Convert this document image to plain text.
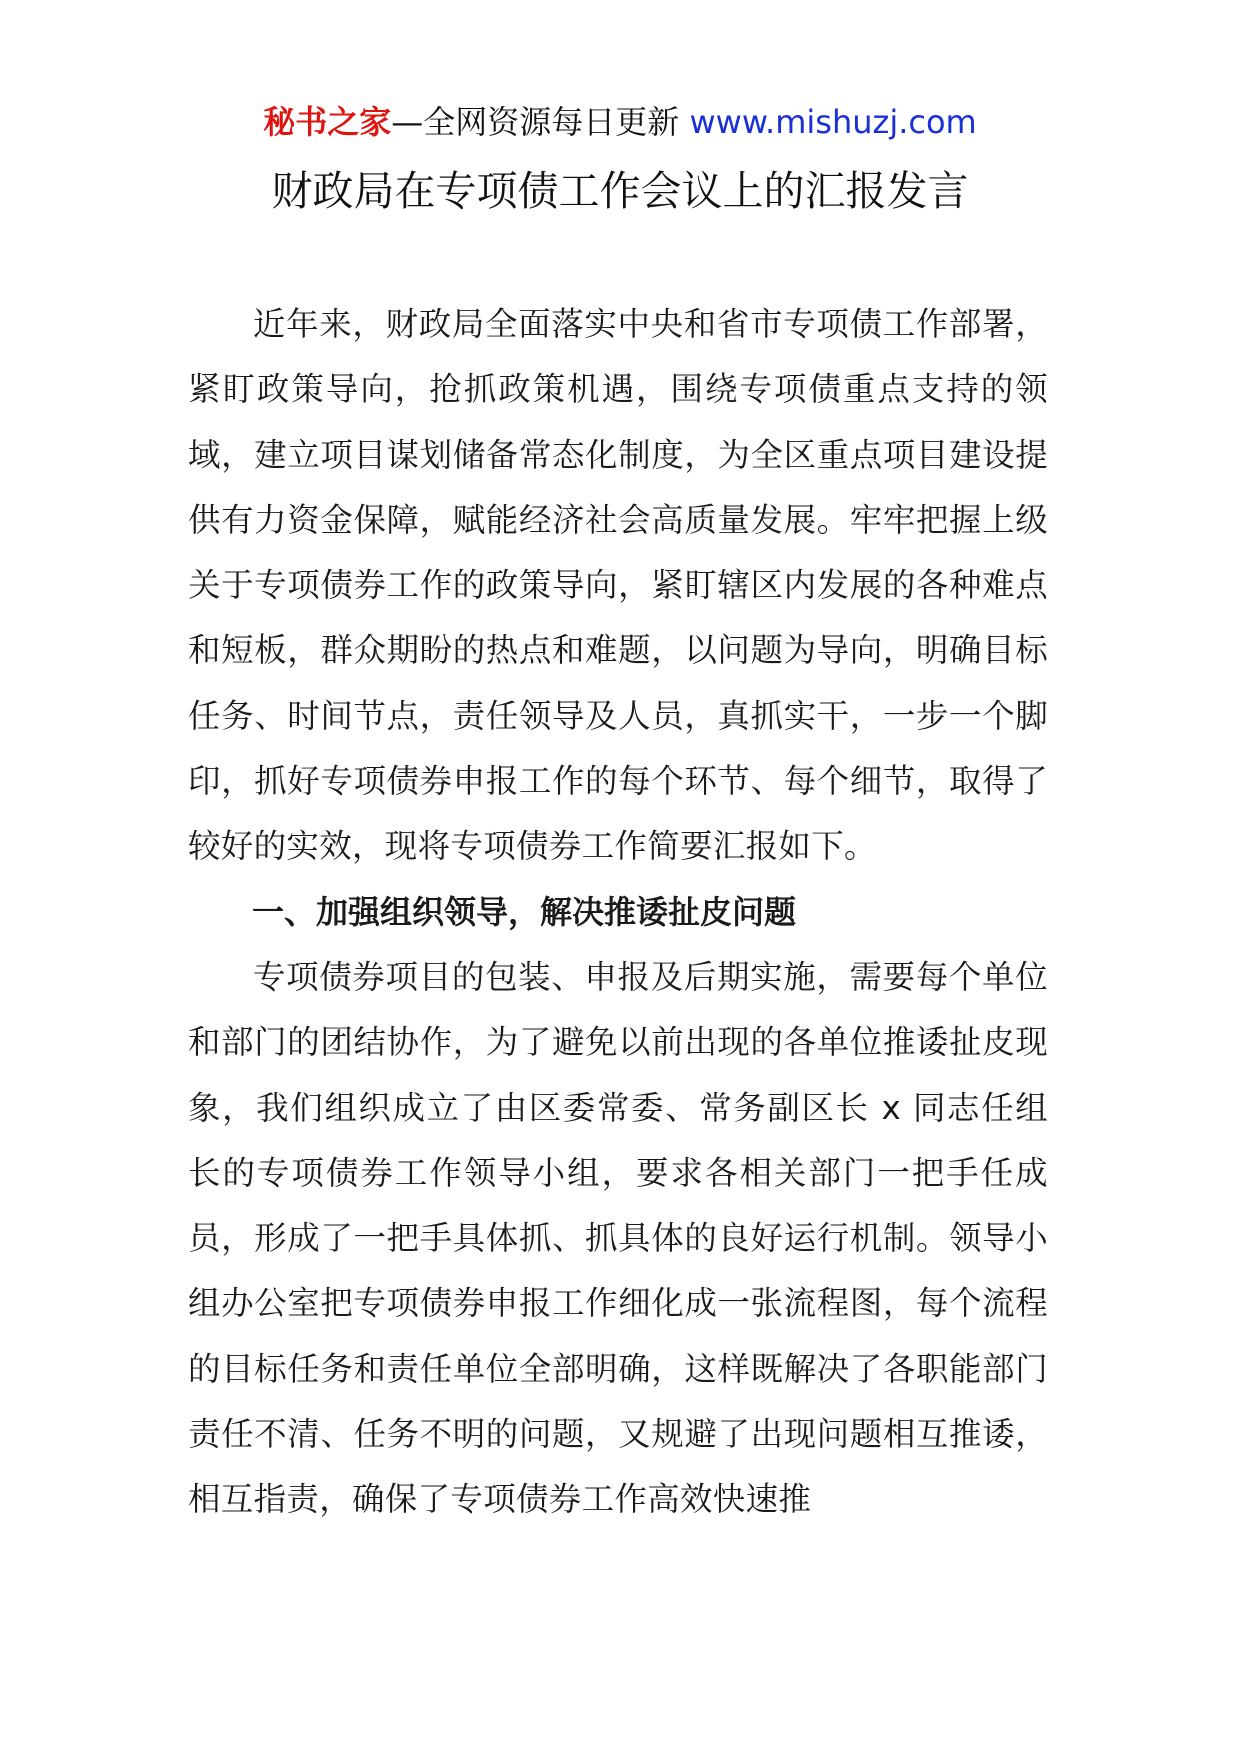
秘书之家—全网资源每日更新 www.mishuzj.com
财政局在专项债工作会议上的汇报发言

近年来，财政局全面落实中央和省市专项债工作部署，紧盯政策导向，抢抓政策机遇，围绕专项债重点支持的领域，建立项目谋划储备常态化制度，为全区重点项目建设提供有力资金保障，赋能经济社会高质量发展。牢牢把握上级关于专项债券工作的政策导向，紧盯辖区内发展的各种难点和短板，群众期盼的热点和难题，以问题为导向，明确目标任务、时间节点，责任领导及人员，真抓实干，一步一个脚印，抓好专项债券申报工作的每个环节、每个细节，取得了较好的实效，现将专项债券工作简要汇报如下。

一、加强组织领导，解决推诿扯皮问题

专项债券项目的包装、申报及后期实施，需要每个单位和部门的团结协作，为了避免以前出现的各单位推诿扯皮现象，我们组织成立了由区委常委、常务副区长 x 同志任组长的专项债券工作领导小组，要求各相关部门一把手任成员，形成了一把手具体抓、抓具体的良好运行机制。领导小组办公室把专项债券申报工作细化成一张流程图，每个流程的目标任务和责任单位全部明确，这样既解决了各职能部门责任不清、任务不明的问题，又规避了出现问题相互推诿，相互指责，确保了专项债券工作高效快速推
